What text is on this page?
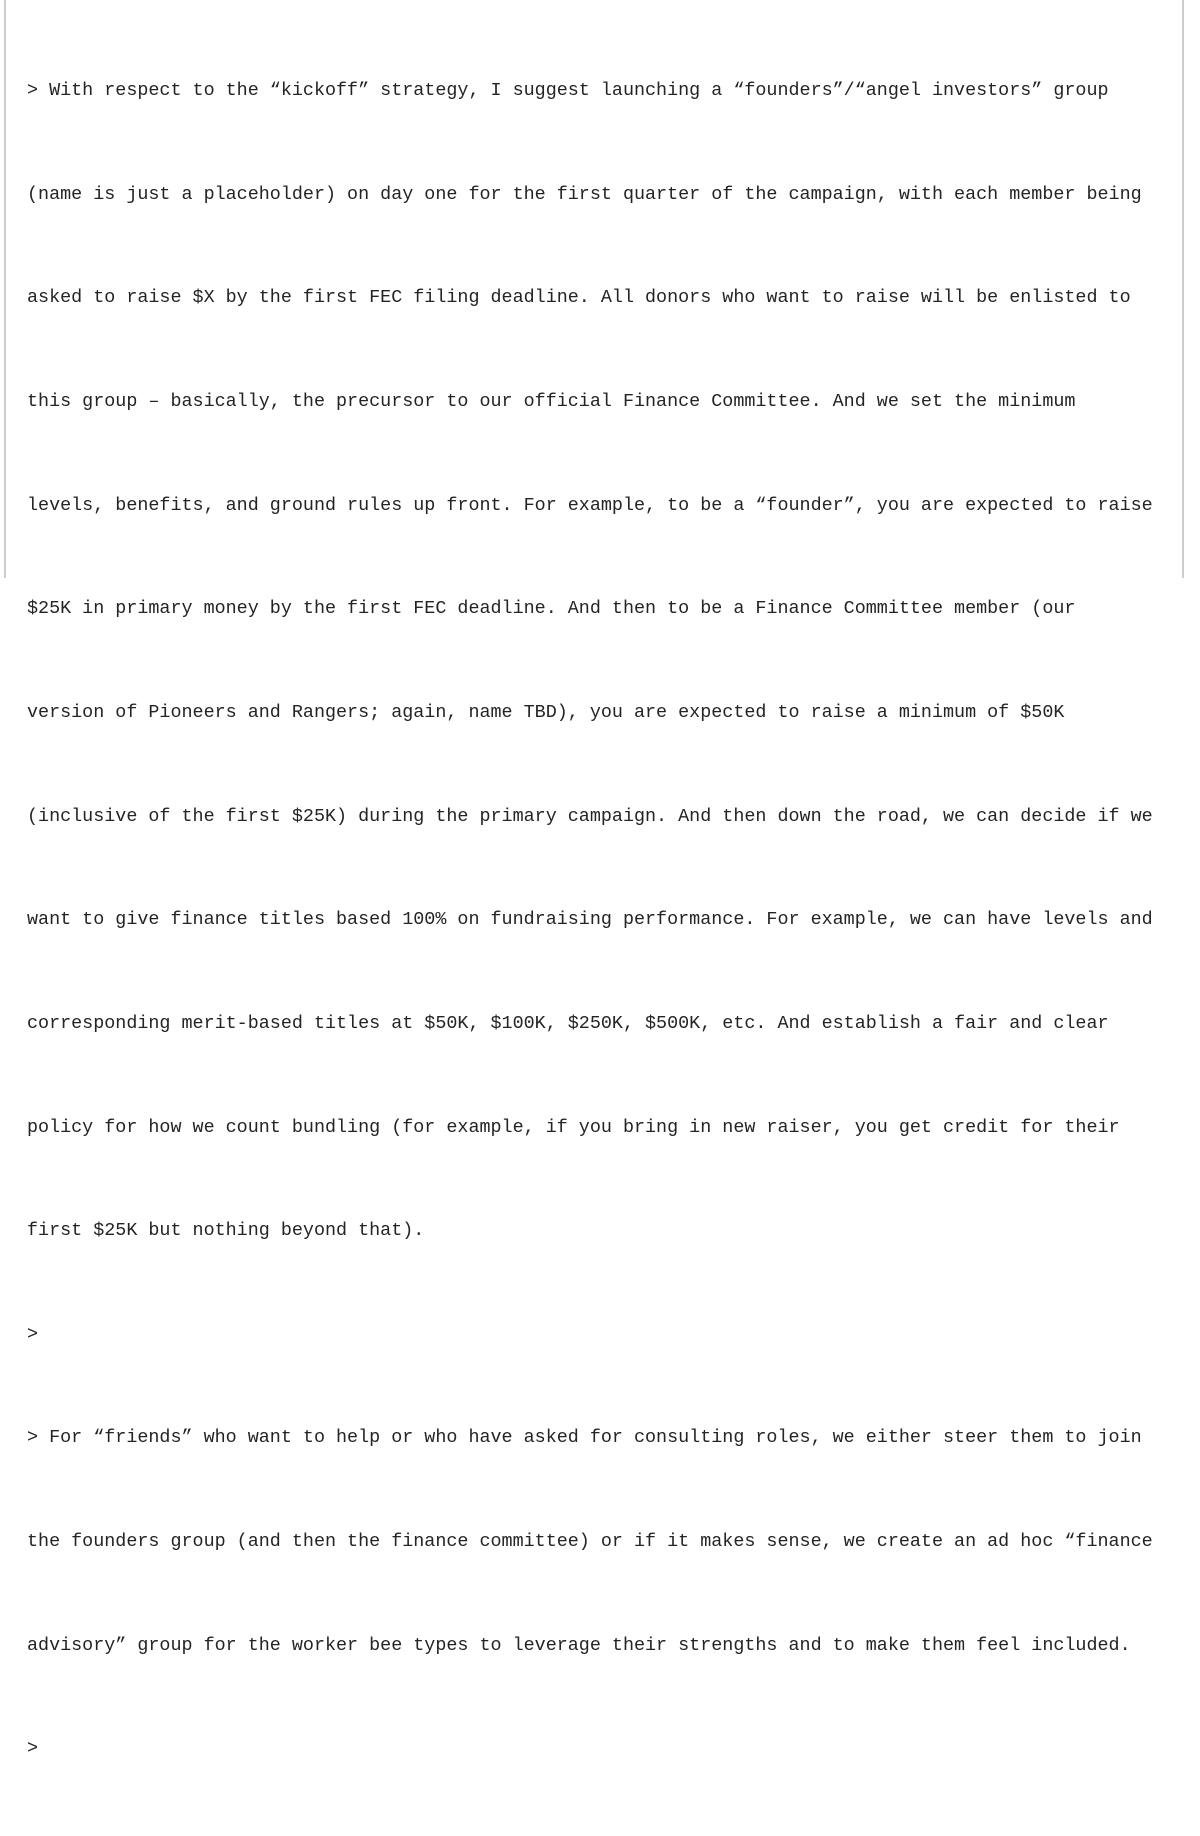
> With respect to the “kickoff” strategy, I suggest launching a “founders”/“angel investors” group

(name is just a placeholder) on day one for the first quarter of the campaign, with each member being

asked to raise $X by the first FEC filing deadline. All donors who want to raise will be enlisted to

this group – basically, the precursor to our official Finance Committee. And we set the minimum

levels, benefits, and ground rules up front. For example, to be a “founder”, you are expected to raise

$25K in primary money by the first FEC deadline. And then to be a Finance Committee member (our

version of Pioneers and Rangers; again, name TBD), you are expected to raise a minimum of $50K

(inclusive of the first $25K) during the primary campaign. And then down the road, we can decide if we

want to give finance titles based 100% on fundraising performance. For example, we can have levels and

corresponding merit-based titles at $50K, $100K, $250K, $500K, etc. And establish a fair and clear

policy for how we count bundling (for example, if you bring in new raiser, you get credit for their

first $25K but nothing beyond that).

>

> For “friends” who want to help or who have asked for consulting roles, we either steer them to join

the founders group (and then the finance committee) or if it makes sense, we create an ad hoc “finance

advisory” group for the worker bee types to leverage their strengths and to make them feel included.

>
